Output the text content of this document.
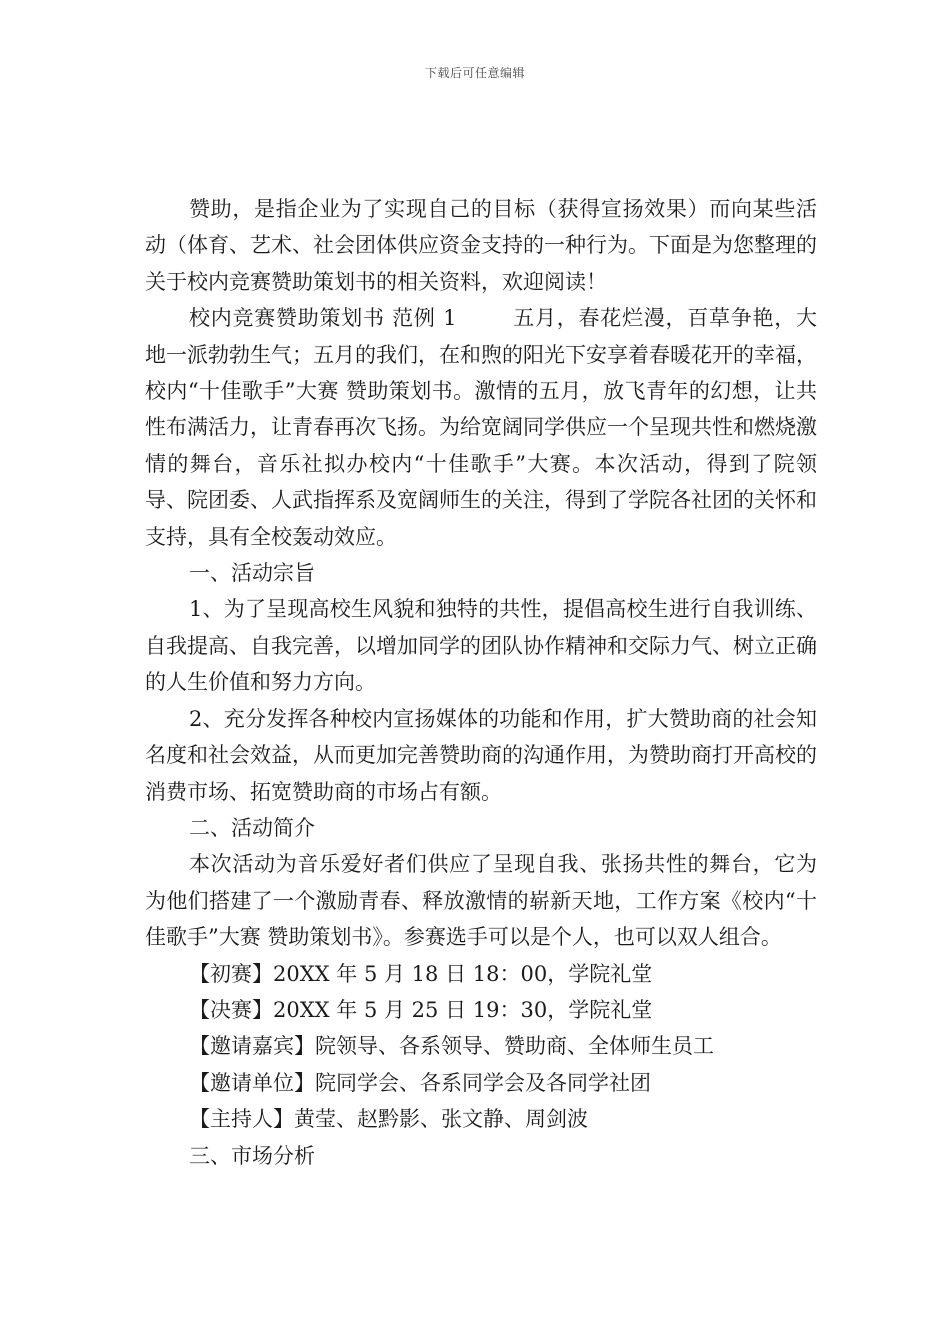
下载后可任意编辑

赞助，是指企业为了实现自己的目标（获得宣扬效果）而向某些活动（体育、艺术、社会团体供应资金支持的一种行为。下面是为您整理的关于校内竞赛赞助策划书的相关资料，欢迎阅读！

校内竞赛赞助策划书 范例 1	五月，春花烂漫，百草争艳，大地一派勃勃生气；五月的我们，在和煦的阳光下安享着春暖花开的幸福，校内“十佳歌手”大赛 赞助策划书。激情的五月，放飞青年的幻想，让共性布满活力，让青春再次飞扬。为给宽阔同学供应一个呈现共性和燃烧激情的舞台，音乐社拟办校内“十佳歌手”大赛。本次活动，得到了院领导、院团委、人武指挥系及宽阔师生的关注，得到了学院各社团的关怀和支持，具有全校轰动效应。

一、活动宗旨

1、为了呈现高校生风貌和独特的共性，提倡高校生进行自我训练、自我提高、自我完善，以增加同学的团队协作精神和交际力气、树立正确的人生价值和努力方向。

2、充分发挥各种校内宣扬媒体的功能和作用，扩大赞助商的社会知名度和社会效益，从而更加完善赞助商的沟通作用，为赞助商打开高校的消费市场、拓宽赞助商的市场占有额。

二、活动简介

本次活动为音乐爱好者们供应了呈现自我、张扬共性的舞台，它为为他们搭建了一个激励青春、释放激情的崭新天地，工作方案《校内“十佳歌手”大赛 赞助策划书》。参赛选手可以是个人，也可以双人组合。

【初赛】20XX 年 5 月 18 日 18：00，学院礼堂

【决赛】20XX 年 5 月 25 日 19：30，学院礼堂

【邀请嘉宾】院领导、各系领导、赞助商、全体师生员工

【邀请单位】院同学会、各系同学会及各同学社团

【主持人】黄莹、赵黔影、张文静、周剑波

三、市场分析
